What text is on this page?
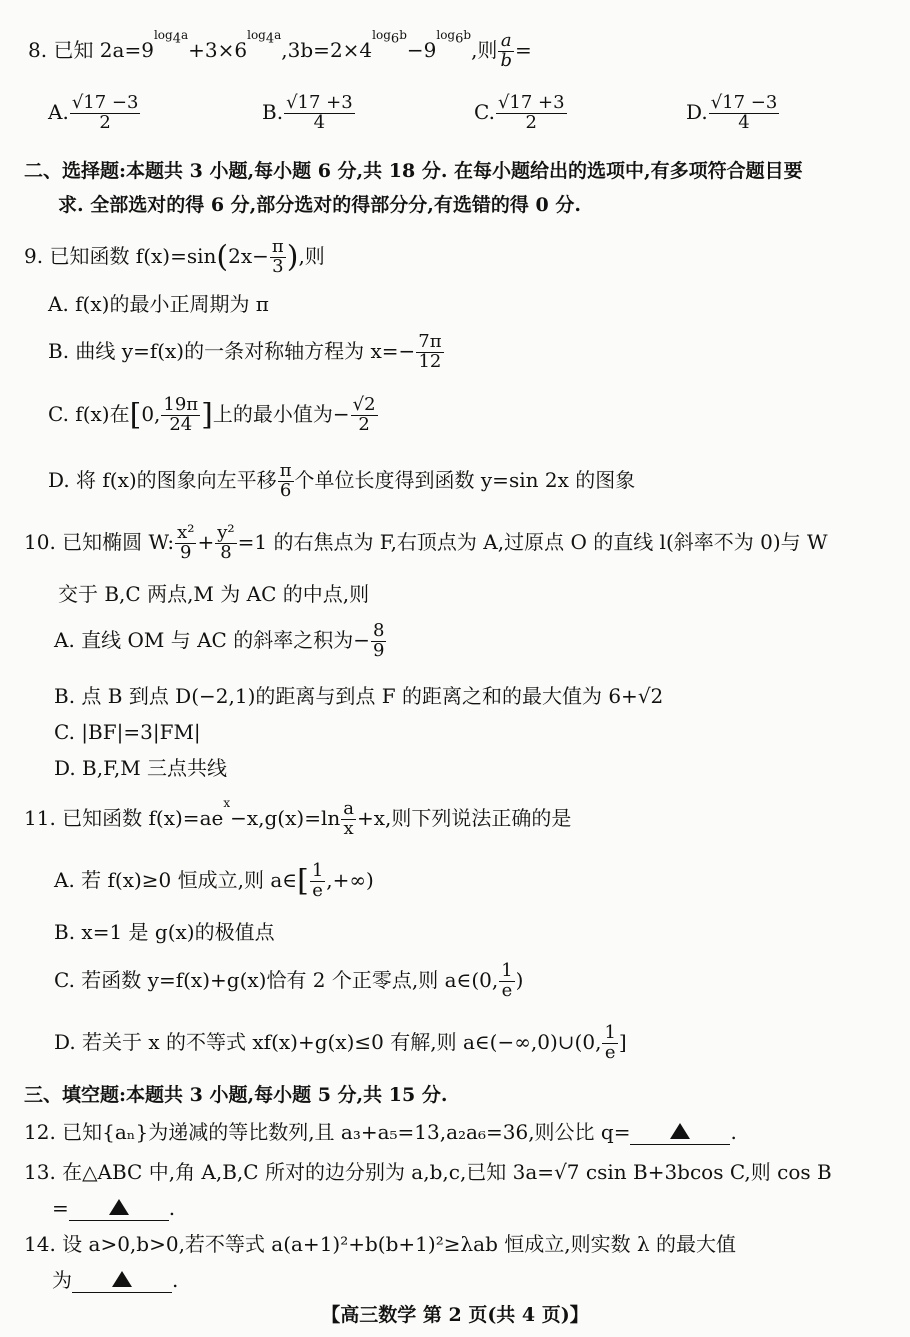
8. 已知 $2a=9^{log_4a}+3\times 6^{log_4a},3b=2\times 4^{log_6b}-9^{log_6b}$,则 $\frac{a}{b}$ =
A. $\frac{√17 -3}{2}$	B. $\frac{√17 +3}{4}$	C. $\frac{√17 +3}{2}$	D. $\frac{√17 -3}{4}$
二、选择题:本题共 3 小题,每小题 6 分,共 18 分. 在每小题给出的选项中,有多项符合题目要
求. 全部选对的得 6 分,部分选对的得部分分,有选错的得 0 分.
9. 已知函数 $f(x)=\sin(2x- \frac{\pi}{3}$ ),则
A. f(x)的最小正周期为 π
B. 曲线 y=f(x)的一条对称轴方程为 $x=- \frac{7\pi}{12}$
C. f(x)在[0, $\frac{19\pi}{24}$ ]上的最小值为− $\frac{√2}{2}$
D. 将 f(x)的图象向左平移 $\frac{\pi}{6}$ 个单位长度得到函数 y=sin 2x 的图象
10. 已知椭圆 W: $\frac{\text{x²}}{9} + \frac{\text{y²}}{8} =1$ 的右焦点为 F,右顶点为 A,过原点 O 的直线 l(斜率不为 0)与 W
交于 B,C 两点,M 为 AC 的中点,则
A. 直线 OM 与 AC 的斜率之积为− $\frac{8}{9}$
B. 点 B 到点 D(−2,1)的距离与到点 F 的距离之和的最大值为 6+√2
C. |BF|=3|FM|
D. B,F,M 三点共线
11. 已知函数 $f(x)=ae^x-x,g(x)=\ln \frac{a}{x} +x$,则下列说法正确的是
A. 若 f(x)≥0 恒成立,则 a∈[ $\frac{1}{e}$ ,+∞)
B. x=1 是 g(x)的极值点
C. 若函数 y=f(x)+g(x)恰有 2 个正零点,则 a∈(0, $\frac{1}{e}$ )
D. 若关于 x 的不等式 xf(x)+g(x)≤0 有解,则 a∈(−∞,0)∪(0, $\frac{1}{e}$ ]
三、填空题:本题共 3 小题,每小题 5 分,共 15 分.
12. 已知{aₙ}为递减的等比数列,且 a₃+a₅=13,a₂a₆=36,则公比 q=	.
13. 在△ABC 中,角 A,B,C 所对的边分别为 a,b,c,已知 3a=√7 csin B+3bcos C,则 cos B
=	.
14. 设 a>0,b>0,若不等式 a(a+1)²+b(b+1)²≥λab 恒成立,则实数 λ 的最大值
为	.
【高三数学 第 2 页(共 4 页)】
